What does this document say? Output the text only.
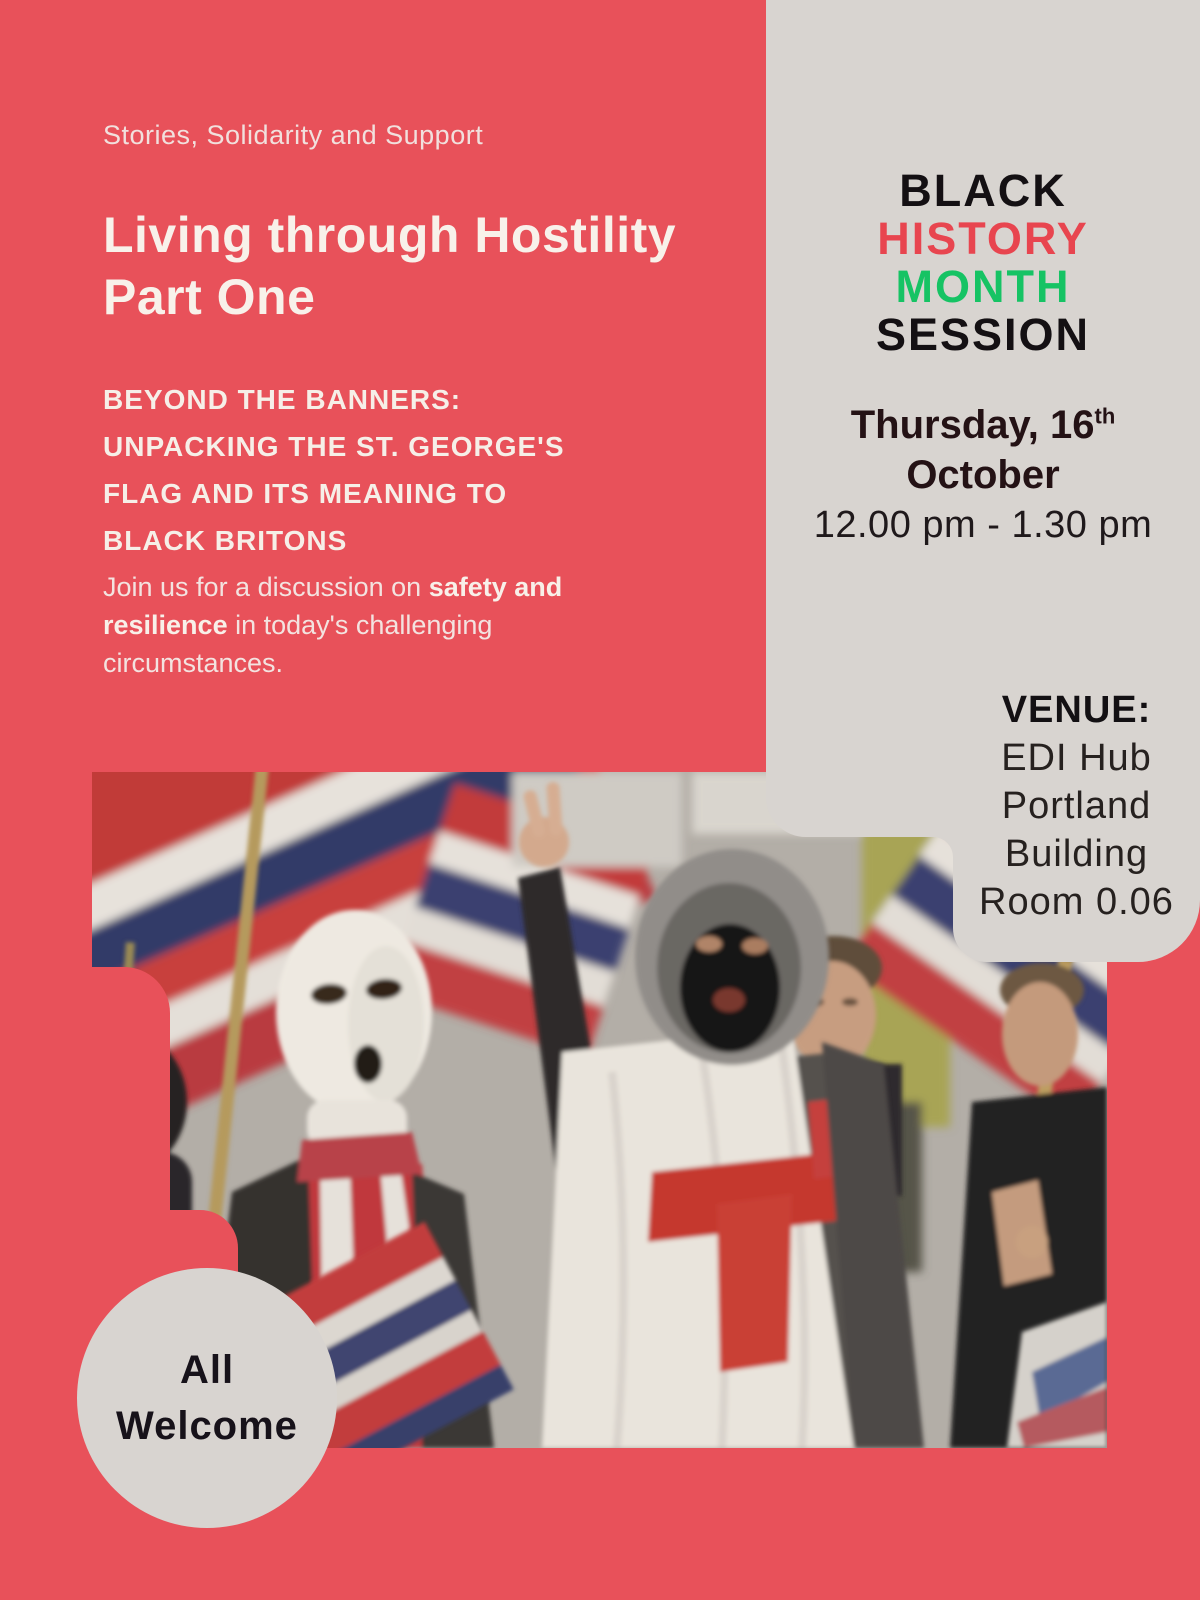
Stories, Solidarity and Support
Living through Hostility
Part One
BEYOND THE BANNERS:
UNPACKING THE ST. GEORGE'S
FLAG AND ITS MEANING TO
BLACK BRITONS

Join us for a discussion on safety and resilience in today's challenging circumstances.

BLACK
HISTORY
MONTH
SESSION
Thursday, 16th
October
12.00 pm - 1.30 pm
VENUE:
EDI Hub
Portland
Building
Room 0.06
All
Welcome
